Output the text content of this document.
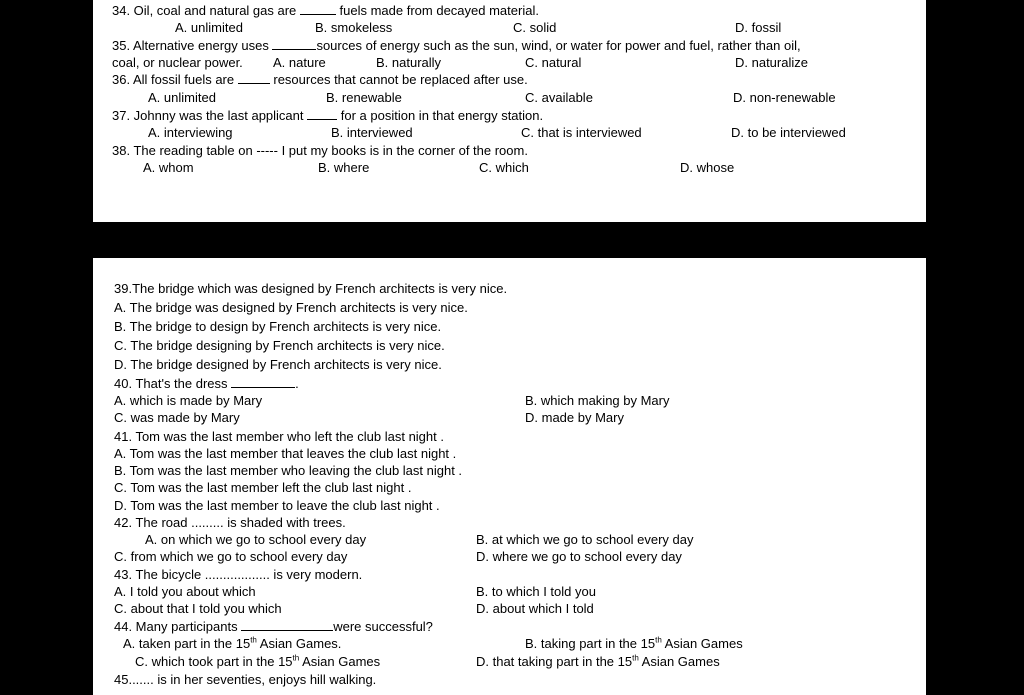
34. Oil, coal and natural gas are	fuels made from decayed material.
A. unlimited	B. smokeless	C. solid	D. fossil
35. Alternative energy uses	sources of energy such as the sun, wind, or water for power and fuel, rather than oil,
coal, or nuclear power. A. nature	B. naturally	C. natural	D. naturalize
36. All fossil fuels are	resources that cannot be replaced after use.
A. unlimited	B. renewable	C. available	D. non-renewable
37. Johnny was the last applicant	for a position in that energy station.
A. interviewing	B. interviewed	C. that is interviewed	D. to be interviewed
38. The reading table on ----- I put my books is in the corner of the room.
A. whom	B. where	C. which	D. whose
39.The bridge which was designed by French architects is very nice.
A. The bridge was designed by French architects is very nice.
B. The bridge to design by French architects is very nice.
C. The bridge designing by French architects is very nice.
D. The bridge designed by French architects is very nice.
40. That's the dress	.
A. which is made by Mary	B. which making by Mary
C. was made by Mary	D. made by Mary
41. Tom was the last member who left the club last night .
A. Tom was the last member that leaves the club last night .
B. Tom was the last member who leaving the club last night .
C. Tom was the last member left the club last night .
D. Tom was the last member to leave the club last night .
42. The road ......... is shaded with trees.
A. on which we go to school every day	B. at which we go to school every day
C. from which we go to school every day	D. where we go to school every day
43. The bicycle .................. is very modern.
A. I told you about which	B. to which I told you
C. about that I told you which	D. about which I told
44. Many participants	were successful?
A. taken part in the 15th Asian Games.	B. taking part in the 15th Asian Games
C. which took part in the 15th Asian Games	D. that taking part in the 15th Asian Games
45....... is in her seventies, enjoys hill walking.
